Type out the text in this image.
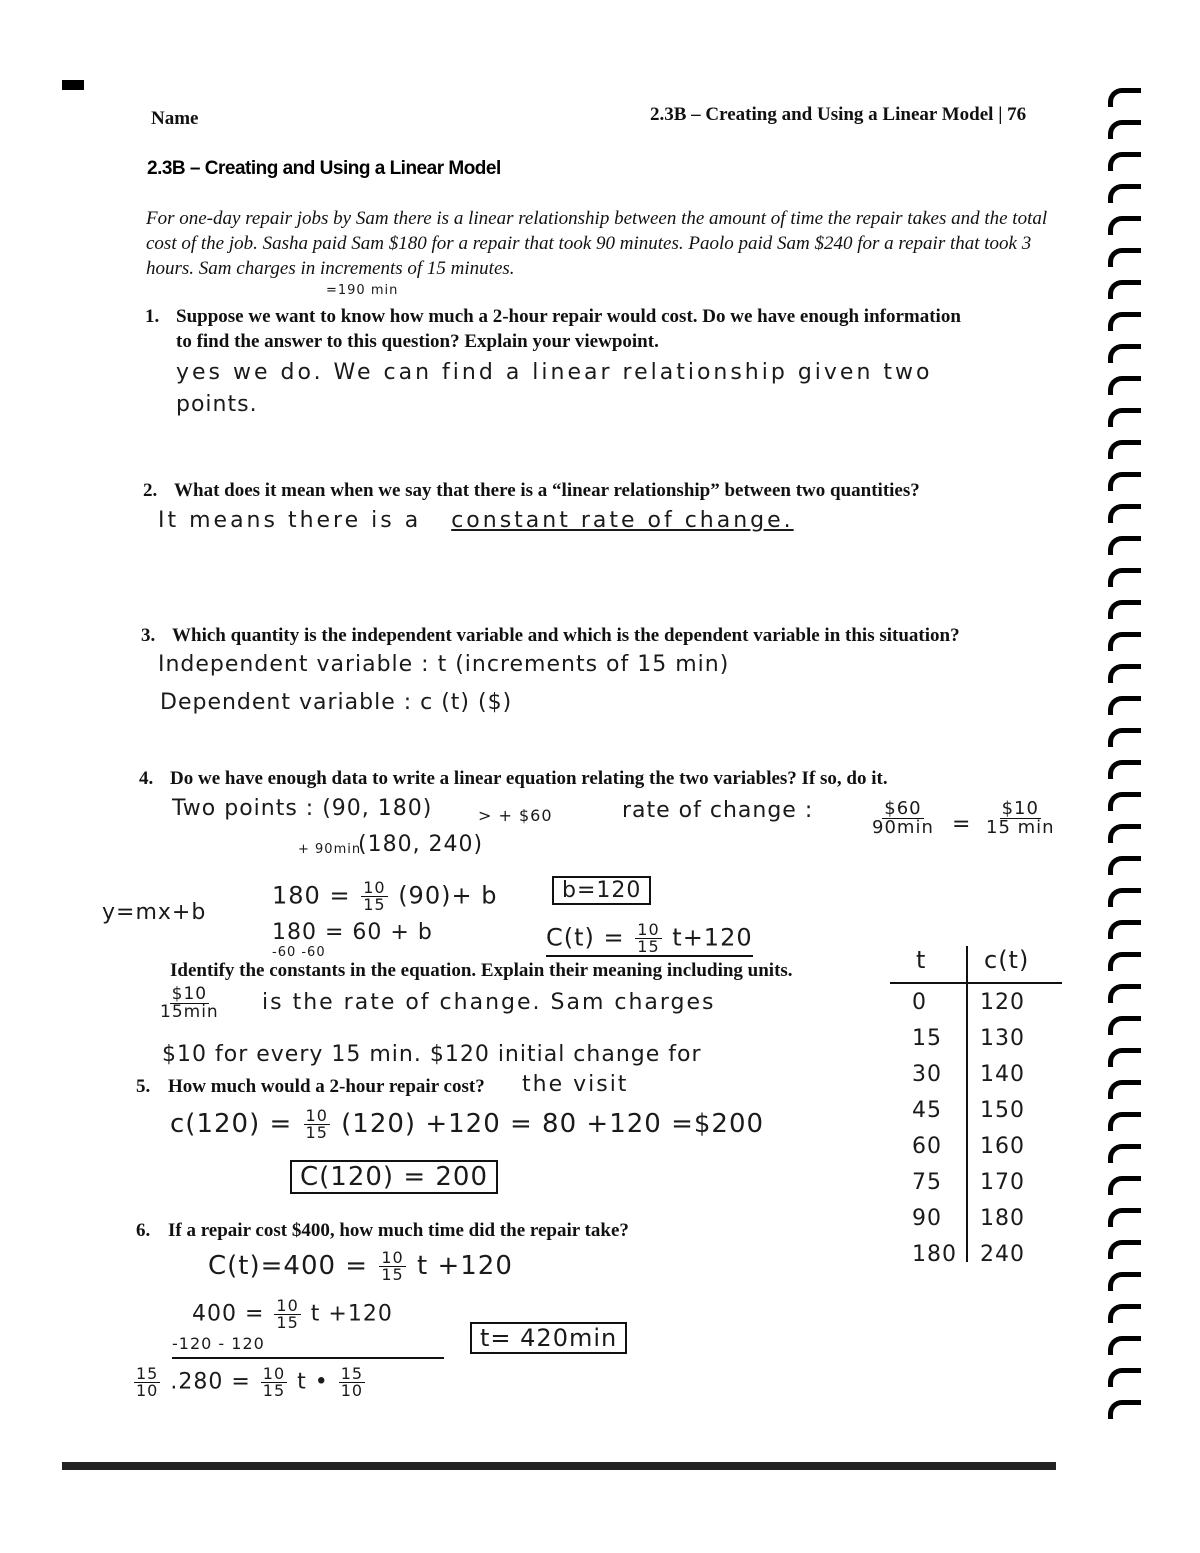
Name	2.3B – Creating and Using a Linear Model | 76
2.3B – Creating and Using a Linear Model
For one-day repair jobs by Sam there is a linear relationship between the amount of time the repair takes and the total cost of the job. Sasha paid Sam $180 for a repair that took 90 minutes. Paolo paid Sam $240 for a repair that took 3 hours. Sam charges in increments of 15 minutes.
=190 min
1. Suppose we want to know how much a 2-hour repair would cost. Do we have enough information
to find the answer to this question? Explain your viewpoint.
yes we do. We can find a linear relationship given two
points.
2. What does it mean when we say that there is a “linear relationship” between two quantities?
It means there is a constant rate of change.
3. Which quantity is the independent variable and which is the dependent variable in this situation?
Independent variable : t (increments of 15 min)
Dependent variable : c (t) ($)
4. Do we have enough data to write a linear equation relating the two variables? If so, do it.
Two points : (90, 180)	> + $60
+ 90min
(180, 240)
rate of change :	$\frac{\$60}{90\min} = \frac{\$10}{15 \min}$
y=mx+b
$180 = \frac{10}{15} (90)+ b$	b=120
180 = 60 + b
-60 -60
$C(t) = \frac{10}{15} t+120$
Identify the constants in the equation. Explain their meaning including units.
$\frac{\$10}{15\min}$ is the rate of change. Sam charges
$10 for every 15 min. $120 initial change for
5. How much would a 2-hour repair cost? the visit
$c(120) = \frac{10}{15} (120) +120 = 80 +120$ =$200
C(120) = 200
6. If a repair cost $400, how much time did the repair take?
$C(t)=400 = \frac{10}{15}$ t +120
$400 = \frac{10}{15}$ t +120
-120 - 120	t= 420min
$\frac{15}{10} .280 = \frac{10}{15}$ t • $\frac{15}{10}$
t c(t)
0 120
15 130
30 140
45 150
60 160
75 170
90 180
180 240
